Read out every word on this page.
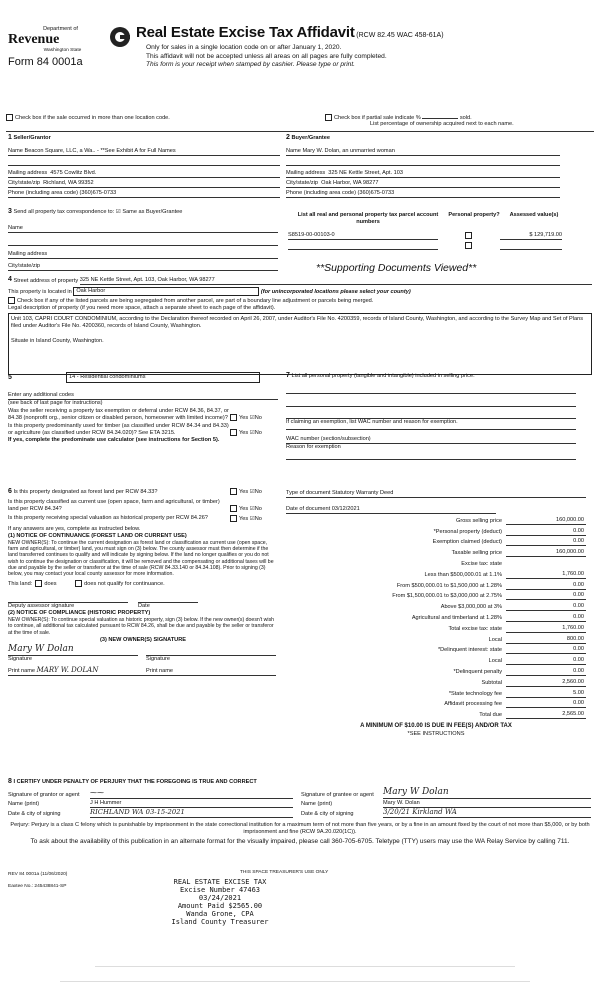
Department of
Revenue
Washington State
Form 84 0001a
Real Estate Excise Tax Affidavit (RCW 82.45 WAC 458-61A)
Only for sales in a single location code on or after January 1, 2020.
This affidavit will not be accepted unless all areas on all pages are fully completed.
This form is your receipt when stamped by cashier. Please type or print.
Check box if the sale occurred in more than one location code.	Check box if partial sale indicate %	sold.
List percentage of ownership acquired next to each name.
1 Seller/Grantor
Name
Beacon Square, LLC, a Wa.. - **See Exhibit A for Full Names
Mailing address
4575 Cowlitz Blvd.
City/state/zip
Richland, WA 99352
Phone (including area code)
(360)675-0733
2 Buyer/Grantee
Name
Mary W. Dolan, an unmarried woman
Mailing address
325 NE Kettle Street, Apt. 103
City/state/zip
Oak Harbor, WA 98277
Phone (including area code)
(360)675-0733
3 Send all property tax correspondence to: ☑ Same as Buyer/Grantee
Name
Mailing address
City/state/zip
List all real and personal property tax parcel account numbers
Personal property?	Assessed value(s)
S8519-00-00103-0	$ 129,719.00
**Supporting Documents Viewed**
4
Street address of property
325 NE Kettle Street, Apt. 103, Oak Harbor, WA 98277
This property is located in
Oak Harbor
	(for unincorporated locations please select your county)
Check box if any of the listed parcels are being segregated from another parcel, are part of a boundary line adjustment or parcels being merged.
Legal description of property (if you need more space, attach a separate sheet to each page of the affidavit).
Unit 103, CAPRI COURT CONDOMINIUM, according to the Declaration thereof recorded on April 26, 2007, under Auditor's File No. 4200359, records of Island County, Washington, and according to the Survey Map and Set of Plans filed under Auditor's File No. 4200360, records of Island County, Washington.
Situate in Island County, Washington.
5	14 - Residential condominiums
Enter any additional codes
(see back of last page for instructions)
Was the seller receiving a property tax exemption or deferral under RCW 84.36, 84.37, or 84.38 (nonprofit org., senior citizen or disabled person, homeowner with limited income)?	Yes ☑No
Is this property predominantly used for timber (as classified under RCW 84.34 and 84.33) or agriculture (as classified under RCW 84.34.020)? See ETA 3215.	Yes ☑No
If yes, complete the predominate use calculator (see instructions for Section 5).
7 List all personal property (tangible and intangible) included in selling price.
If claiming an exemption, list WAC number and reason for exemption.
WAC number (section/subsection)
Reason for exemption
6 Is this property designated as forest land per RCW 84.33?	Yes ☑No
Is this property classified as current use (open space, farm and agricultural, or timber) land per RCW 84.34?	Yes ☑No
Is this property receiving special valuation as historical property per RCW 84.26?	Yes ☑No
If any answers are yes, complete as instructed below.
(1) NOTICE OF CONTINUANCE (FOREST LAND OR CURRENT USE)
NEW OWNER(S): To continue the current designation as forest land or classification as current use (open space, farm and agricultural, or timber) land, you must sign on (3) below. The county assessor must then determine if the land transferred continues to qualify and will indicate by signing below. If the land no longer qualifies or you do not wish to continue the designation or classification, it will be removed and the compensating or additional taxes will be due and payable by the seller or transferor at the time of sale (RCW 84.33.140 or 84.34.108). Prior to signing (3) below, you may contact your local county assessor for more information.
This land: does	does not qualify for continuance.
Deputy assessor signature	Date
(2) NOTICE OF COMPLIANCE (HISTORIC PROPERTY)
NEW OWNER(S): To continue special valuation as historic property, sign (3) below. If the new owner(s) doesn't wish to continue, all additional tax calculated pursuant to RCW 84.26, shall be due and payable by the seller or transferor at the time of sale.
(3) NEW OWNER(S) SIGNATURE
Mary W Dolan
Signature	Signature
Print name MARY W. DOLAN	Print name
Type of document
Statutory Warranty Deed
Date of document
03/12/2021
Gross selling price	160,000.00
*Personal property (deduct)	0.00
Exemption claimed (deduct)	0.00
Taxable selling price	160,000.00
Excise tax: state
Less than $500,000.01 at 1.1%	1,760.00
From $500,000.01 to $1,500,000 at 1.28%	0.00
From $1,500,000.01 to $3,000,000 at 2.75%	0.00
Above $3,000,000 at 3%	0.00
Agricultural and timberland at 1.28%	0.00
Total excise tax: state	1,760.00
Local	800.00
*Delinquent interest: state	0.00
Local	0.00
*Delinquent penalty	0.00
Subtotal	2,560.00
*State technology fee	5.00
Affidavit processing fee	0.00
Total due	2,565.00
A MINIMUM OF $10.00 IS DUE IN FEE(S) AND/OR TAX
*SEE INSTRUCTIONS
8 I CERTIFY UNDER PENALTY OF PERJURY THAT THE FOREGOING IS TRUE AND CORRECT
Signature of grantor or agent	⁓⁓
Name (print)	J H Hummer
Date & city of signing	RICHLAND WA 03-15-2021
Signature of grantee or agent	Mary W Dolan
Name (print)	Mary W. Dolan
Date & city of signing	3/20/21 Kirkland WA
Perjury: Perjury is a class C felony which is punishable by imprisonment in the state correctional institution for a maximum term of not more than five years, or by a fine in an amount fixed by the court of not more than $5,000, or by both imprisonment and fine (RCW 9A.20.020(1C)).
To ask about the availability of this publication in an alternate format for the visually impaired, please call 360-705-6705. Teletype (TTY) users may use the WA Relay Service by calling 711.
REV 84 0001a (11/06/2020)	THIS SPACE TREASURER'S USE ONLY
Eaxtee No.: 245438841-SP
REAL ESTATE EXCISE TAX
Excise Number 47463
03/24/2021
Amount Paid $2565.00
Wanda Grone, CPA
Island County Treasurer
